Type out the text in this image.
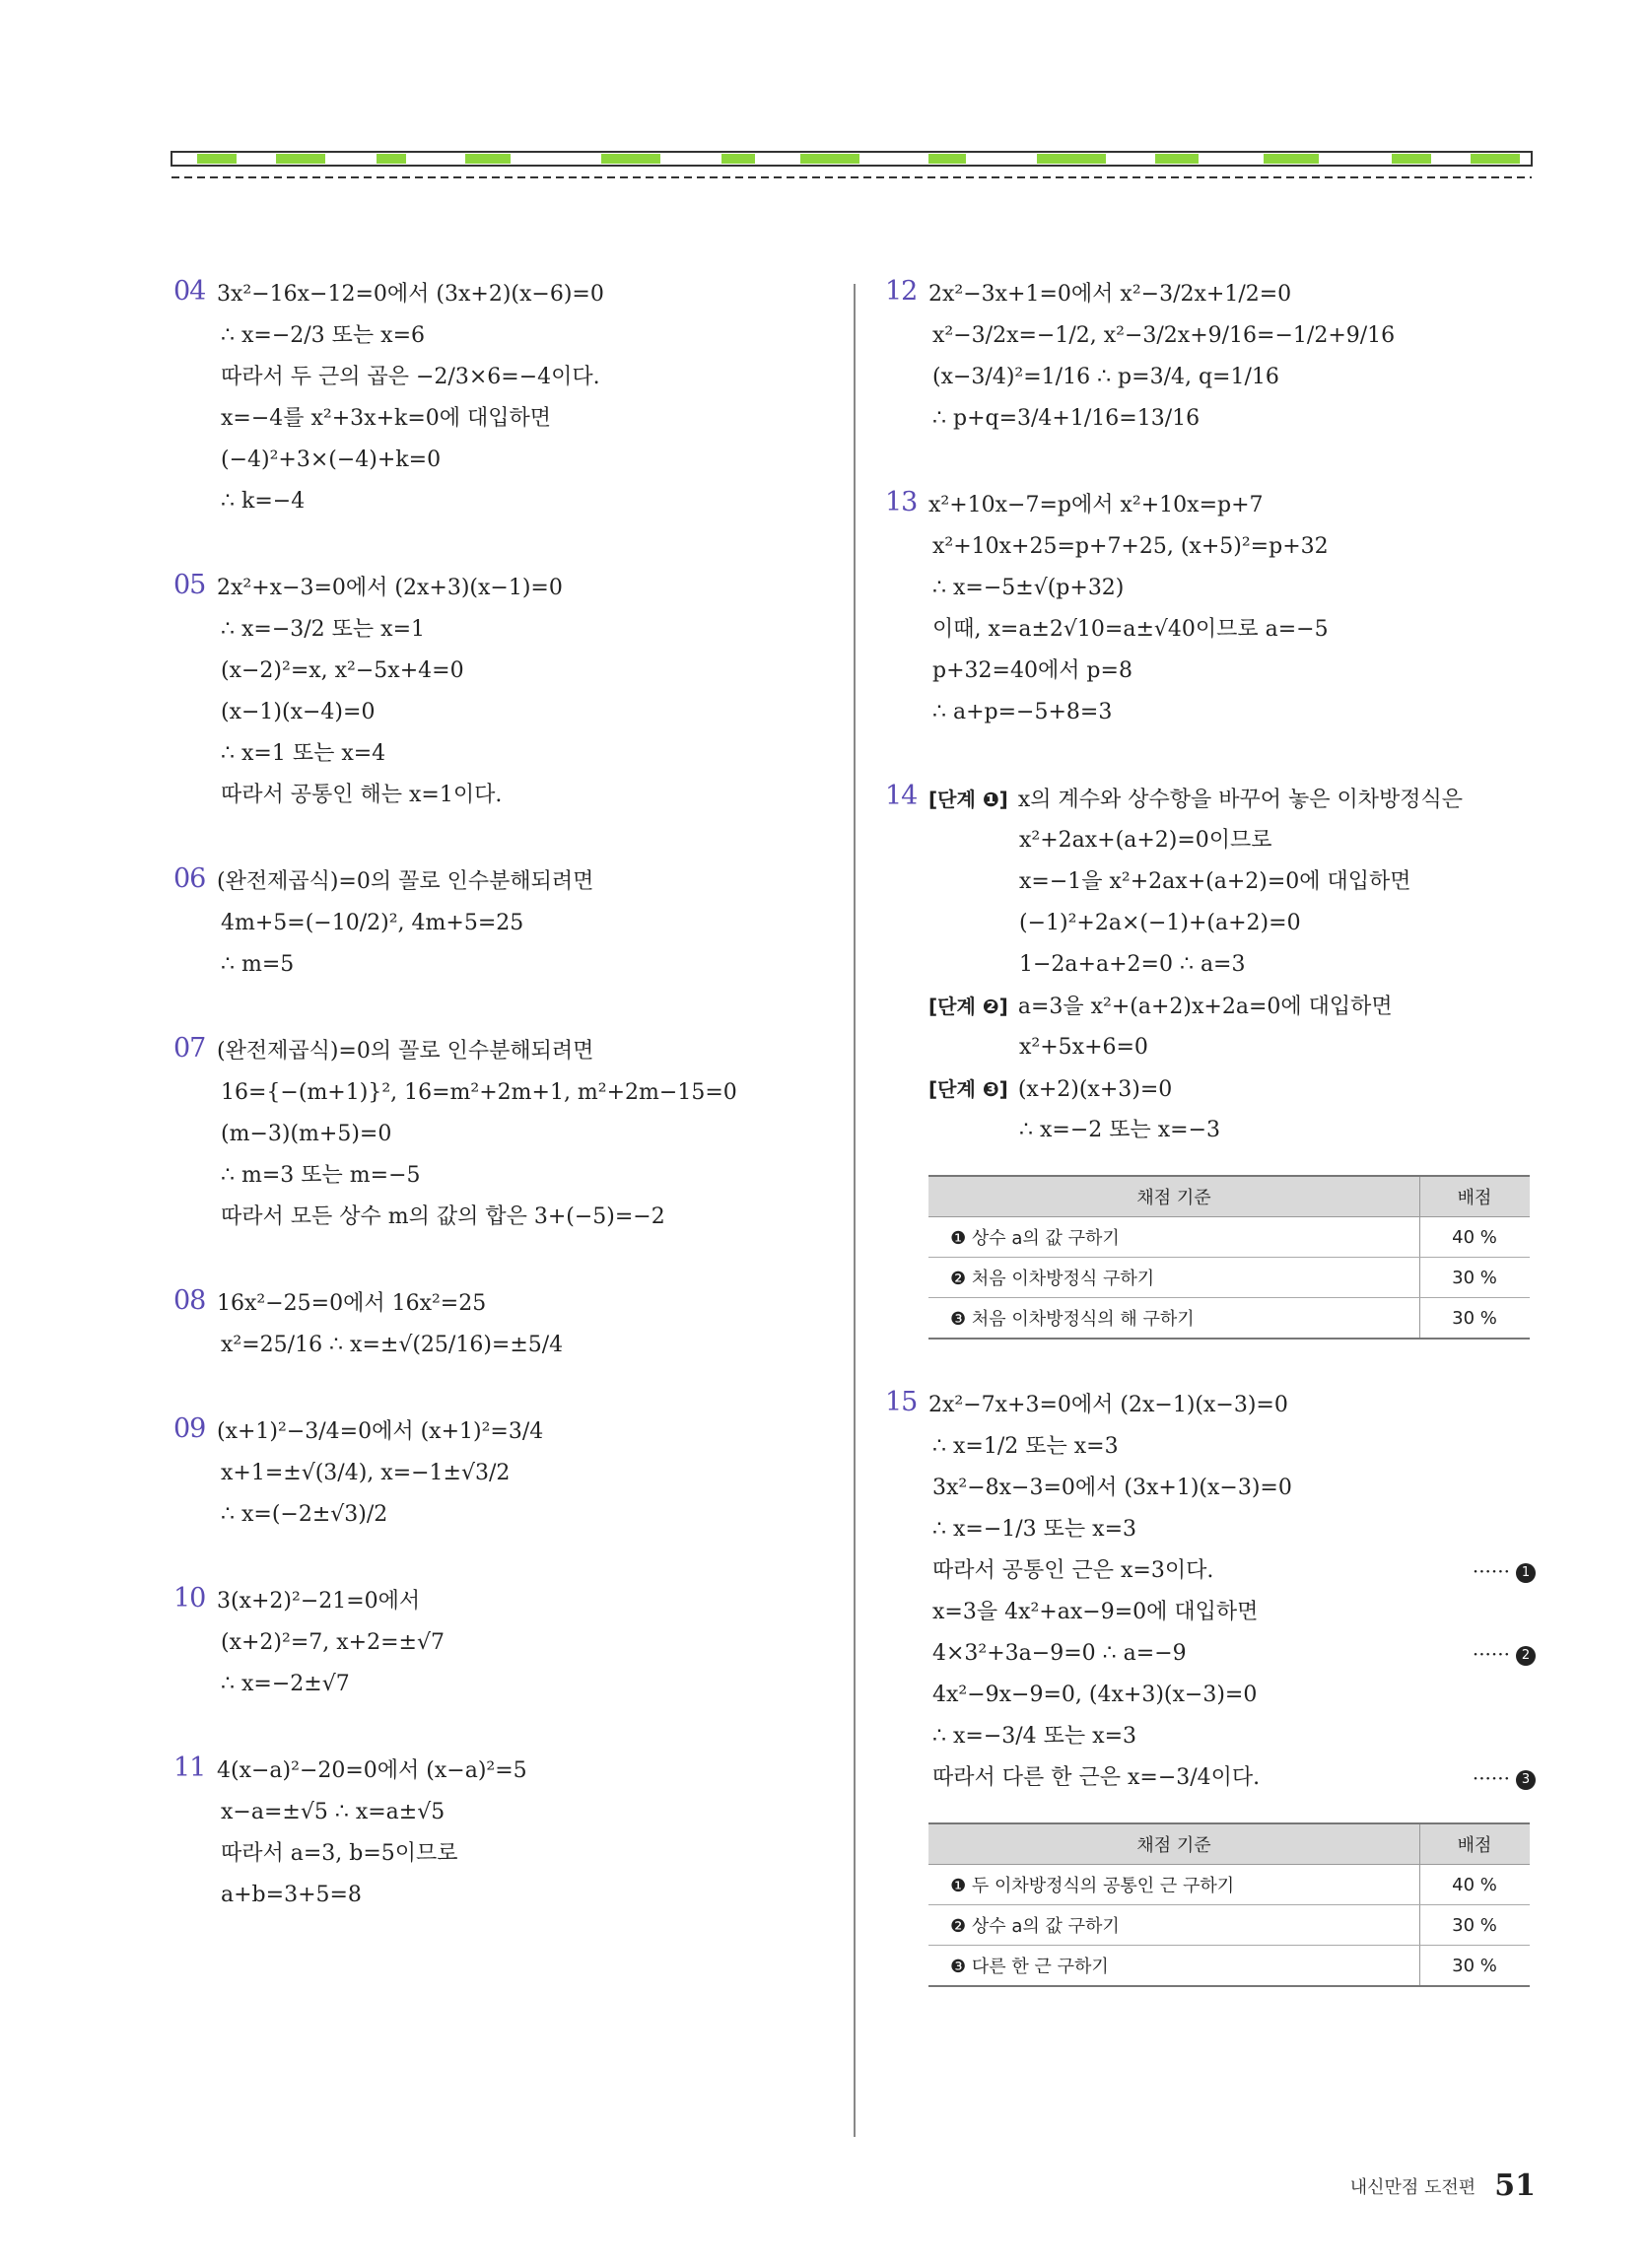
04 3x²−16x−12=0에서 (3x+2)(x−6)=0
∴ x=−2/3 또는 x=6
따라서 두 근의 곱은 −2/3×6=−4이다.
x=−4를 x²+3x+k=0에 대입하면
(−4)²+3×(−4)+k=0
∴ k=−4
05 2x²+x−3=0에서 (2x+3)(x−1)=0
∴ x=−3/2 또는 x=1
(x−2)²=x, x²−5x+4=0
(x−1)(x−4)=0
∴ x=1 또는 x=4
따라서 공통인 해는 x=1이다.
06 (완전제곱식)=0의 꼴로 인수분해되려면
4m+5=(−10/2)², 4m+5=25
∴ m=5
07 (완전제곱식)=0의 꼴로 인수분해되려면
16={−(m+1)}², 16=m²+2m+1, m²+2m−15=0
(m−3)(m+5)=0
∴ m=3 또는 m=−5
따라서 모든 상수 m의 값의 합은 3+(−5)=−2
08 16x²−25=0에서 16x²=25
x²=25/16 ∴ x=±√(25/16)=±5/4
09 (x+1)²−3/4=0에서 (x+1)²=3/4
x+1=±√(3/4), x=−1±√3/2
∴ x=(−2±√3)/2
10 3(x+2)²−21=0에서
(x+2)²=7, x+2=±√7
∴ x=−2±√7
11 4(x−a)²−20=0에서 (x−a)²=5
x−a=±√5 ∴ x=a±√5
따라서 a=3, b=5이므로
a+b=3+5=8
12 2x²−3x+1=0에서 x²−3/2x+1/2=0
x²−3/2x=−1/2, x²−3/2x+9/16=−1/2+9/16
(x−3/4)²=1/16 ∴ p=3/4, q=1/16
∴ p+q=3/4+1/16=13/16
13 x²+10x−7=p에서 x²+10x=p+7
x²+10x+25=p+7+25, (x+5)²=p+32
∴ x=−5±√(p+32)
이때, x=a±2√10=a±√40이므로 a=−5
p+32=40에서 p=8
∴ a+p=−5+8=3
14 [단계 ❶] x의 계수와 상수항을 바꾸어 놓은 이차방정식은
x²+2ax+(a+2)=0이므로
x=−1을 x²+2ax+(a+2)=0에 대입하면
(−1)²+2a×(−1)+(a+2)=0
1−2a+a+2=0 ∴ a=3
[단계 ❷] a=3을 x²+(a+2)x+2a=0에 대입하면
x²+5x+6=0
[단계 ❸] (x+2)(x+3)=0
∴ x=−2 또는 x=−3
채점 기준	배점
❶ 상수 a의 값 구하기	40 %
❷ 처음 이차방정식 구하기	30 %
❸ 처음 이차방정식의 해 구하기	30 %
15 2x²−7x+3=0에서 (2x−1)(x−3)=0
∴ x=1/2 또는 x=3
3x²−8x−3=0에서 (3x+1)(x−3)=0
∴ x=−1/3 또는 x=3
따라서 공통인 근은 x=3이다.	······ 1
x=3을 4x²+ax−9=0에 대입하면
4×3²+3a−9=0 ∴ a=−9	······ 2
4x²−9x−9=0, (4x+3)(x−3)=0
∴ x=−3/4 또는 x=3
따라서 다른 한 근은 x=−3/4이다.	······ 3
채점 기준	배점
❶ 두 이차방정식의 공통인 근 구하기	40 %
❷ 상수 a의 값 구하기	30 %
❸ 다른 한 근 구하기	30 %
내신만점 도전편 51
